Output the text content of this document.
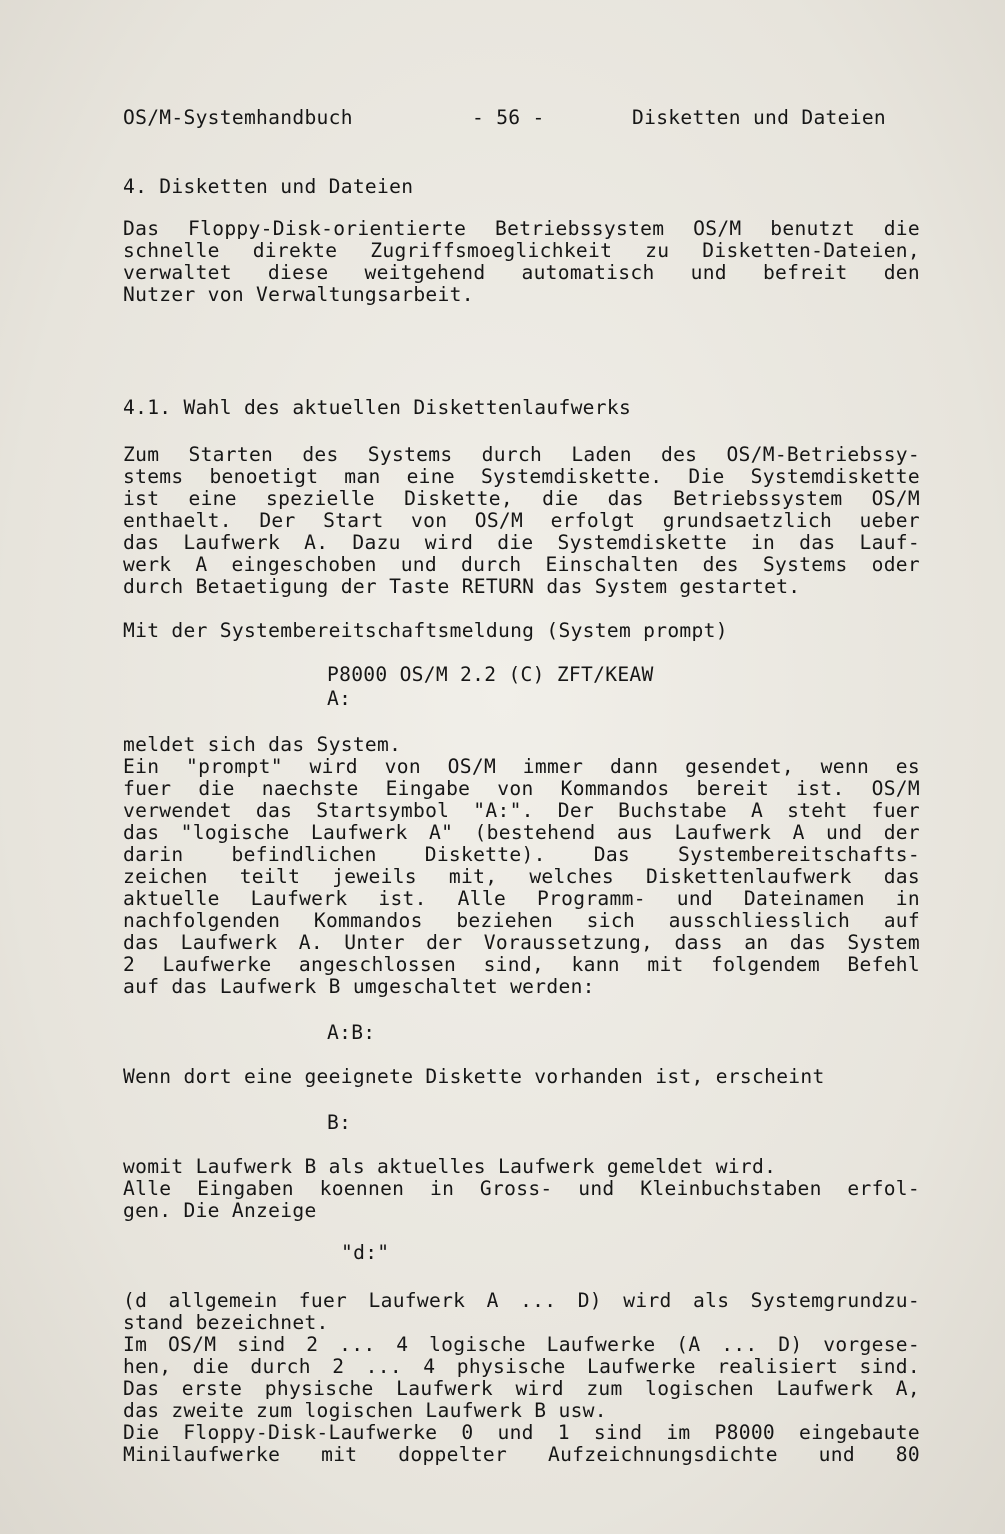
OS/M-Systemhandbuch	- 56 -	Disketten und Dateien
4. Disketten und Dateien
Das Floppy-Disk-orientierte Betriebssystem OS/M benutzt die
schnelle direkte Zugriffsmoeglichkeit zu Disketten-Dateien,
verwaltet diese weitgehend automatisch und befreit den
Nutzer von Verwaltungsarbeit.
4.1. Wahl des aktuellen Diskettenlaufwerks
Zum Starten des Systems durch Laden des OS/M-Betriebssy-
stems benoetigt man eine Systemdiskette. Die Systemdiskette
ist eine spezielle Diskette, die das Betriebssystem OS/M
enthaelt. Der Start von OS/M erfolgt grundsaetzlich ueber
das Laufwerk A. Dazu wird die Systemdiskette in das Lauf-
werk A eingeschoben und durch Einschalten des Systems oder
durch Betaetigung der Taste RETURN das System gestartet.
Mit der Systembereitschaftsmeldung (System prompt)
P8000 OS/M 2.2 (C) ZFT/KEAW
A:
meldet sich das System.
Ein "prompt" wird von OS/M immer dann gesendet, wenn es
fuer die naechste Eingabe von Kommandos bereit ist. OS/M
verwendet das Startsymbol "A:". Der Buchstabe A steht fuer
das "logische Laufwerk A" (bestehend aus Laufwerk A und der
darin befindlichen Diskette). Das Systembereitschafts-
zeichen teilt jeweils mit, welches Diskettenlaufwerk das
aktuelle Laufwerk ist. Alle Programm- und Dateinamen in
nachfolgenden Kommandos beziehen sich ausschliesslich auf
das Laufwerk A. Unter der Voraussetzung, dass an das System
2 Laufwerke angeschlossen sind, kann mit folgendem Befehl
auf das Laufwerk B umgeschaltet werden:
A:B:
Wenn dort eine geeignete Diskette vorhanden ist, erscheint
B:
womit Laufwerk B als aktuelles Laufwerk gemeldet wird.
Alle Eingaben koennen in Gross- und Kleinbuchstaben erfol-
gen. Die Anzeige
"d:"
(d allgemein fuer Laufwerk A ... D) wird als Systemgrundzu-
stand bezeichnet.
Im OS/M sind 2 ... 4 logische Laufwerke (A ... D) vorgese-
hen, die durch 2 ... 4 physische Laufwerke realisiert sind.
Das erste physische Laufwerk wird zum logischen Laufwerk A,
das zweite zum logischen Laufwerk B usw.
Die Floppy-Disk-Laufwerke 0 und 1 sind im P8000 eingebaute
Minilaufwerke mit doppelter Aufzeichnungsdichte und 80
